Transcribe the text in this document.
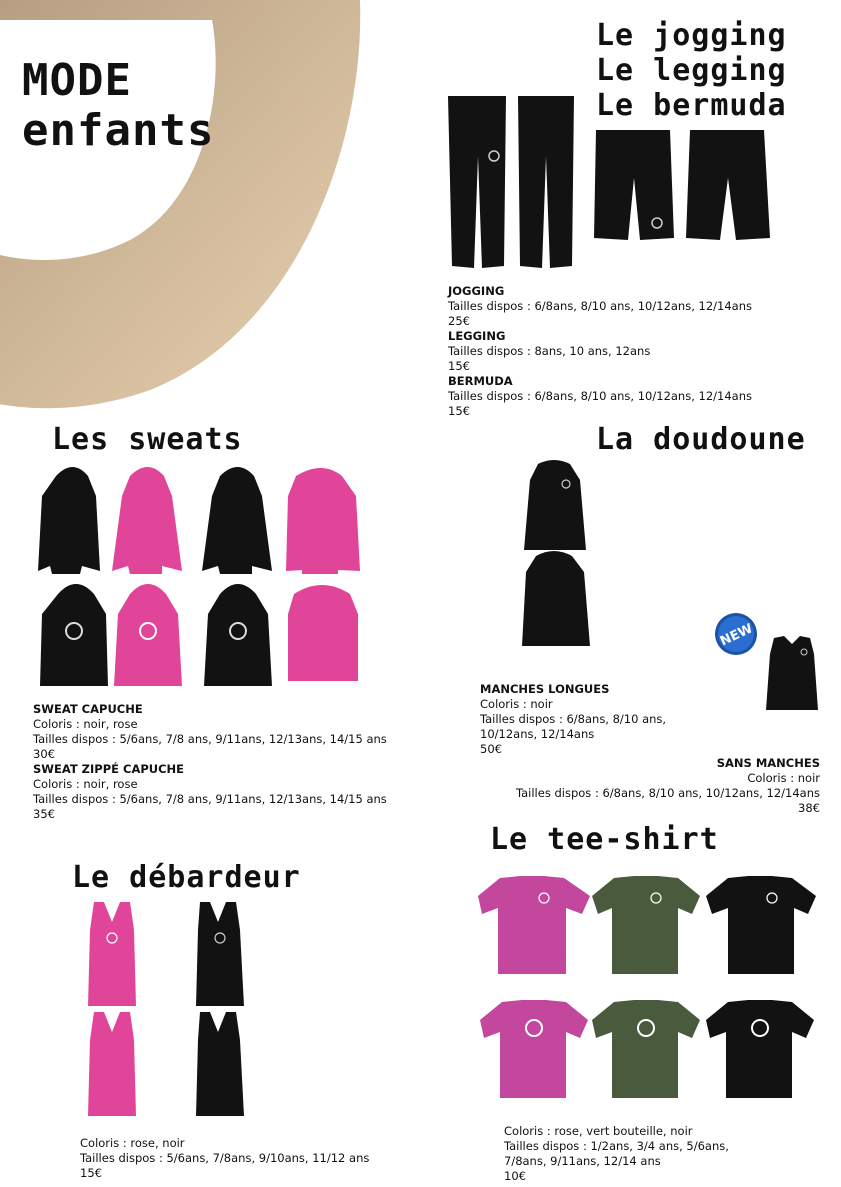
MODE
enfants
Le jogging
Le legging
Le bermuda
JOGGING
Tailles dispos : 6/8ans, 8/10 ans, 10/12ans, 12/14ans
25€
LEGGING
Tailles dispos : 8ans, 10 ans, 12ans
15€
BERMUDA
Tailles dispos : 6/8ans, 8/10 ans, 10/12ans, 12/14ans
15€
Les sweats
SWEAT CAPUCHE
Coloris : noir, rose
Tailles dispos : 5/6ans, 7/8 ans, 9/11ans, 12/13ans, 14/15 ans
30€
SWEAT ZIPPÉ CAPUCHE
Coloris : noir, rose
Tailles dispos : 5/6ans, 7/8 ans, 9/11ans, 12/13ans, 14/15 ans
35€
La doudoune
NEW
MANCHES LONGUES
Coloris : noir
Tailles dispos : 6/8ans, 8/10 ans,
10/12ans, 12/14ans
50€
SANS MANCHES
Coloris : noir
Tailles dispos : 6/8ans, 8/10 ans, 10/12ans, 12/14ans
38€
Le tee-shirt
Coloris : rose, vert bouteille, noir
Tailles dispos : 1/2ans, 3/4 ans, 5/6ans,
7/8ans, 9/11ans, 12/14 ans
10€
Le débardeur
Coloris : rose, noir
Tailles dispos : 5/6ans, 7/8ans, 9/10ans, 11/12 ans
15€
